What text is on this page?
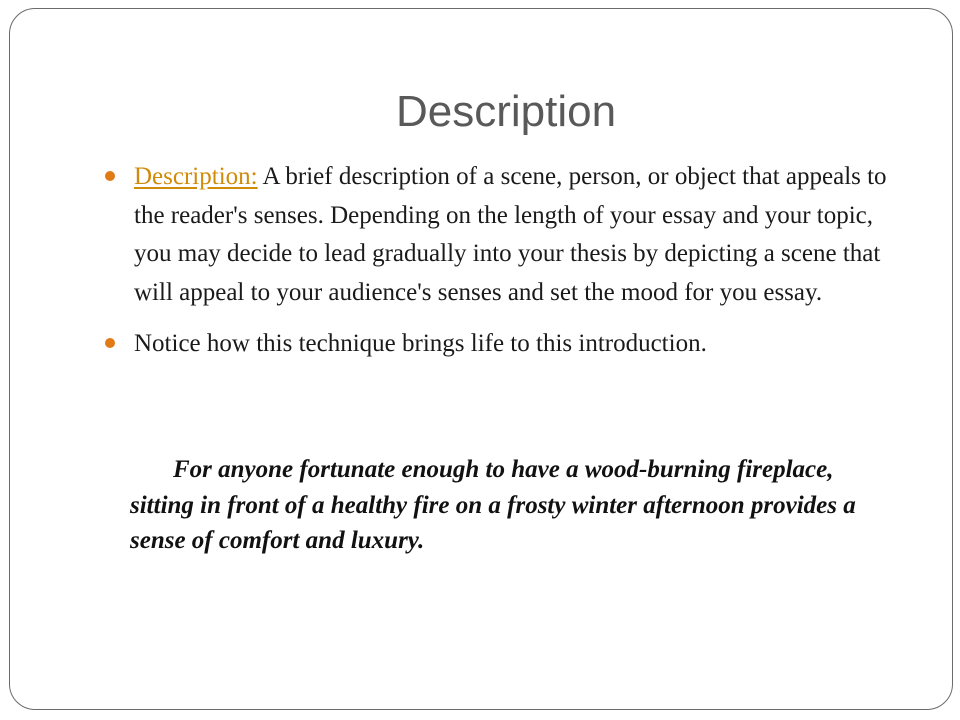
Description
Description: A brief description of a scene, person, or object that appeals to the reader's senses. Depending on the length of your essay and your topic, you may decide to lead gradually into your thesis by depicting a scene that will appeal to your audience's senses and set the mood for you essay.
Notice how this technique brings life to this introduction.

For anyone fortunate enough to have a wood-burning fireplace, sitting in front of a healthy fire on a frosty winter afternoon provides a sense of comfort and luxury.
